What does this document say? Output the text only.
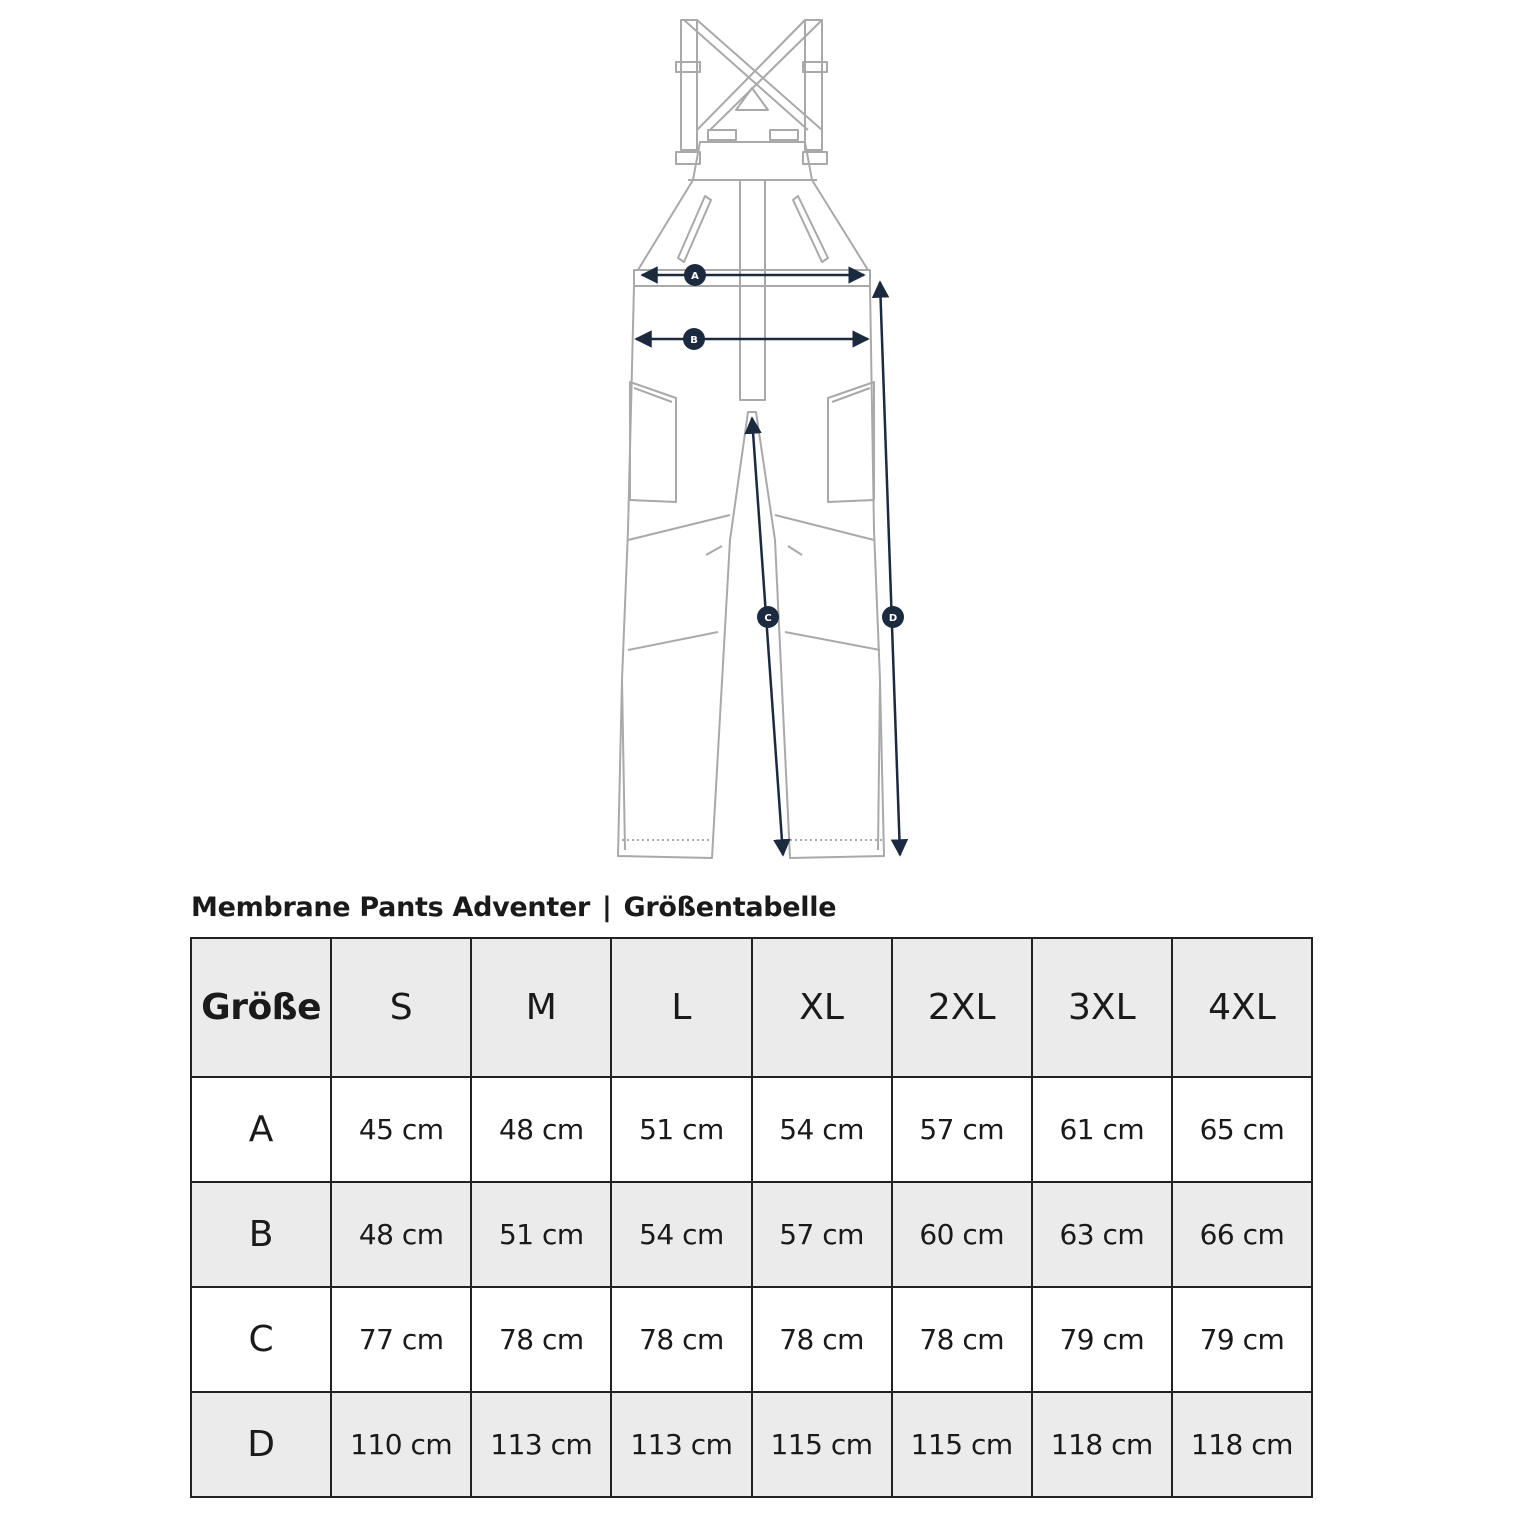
A
B
C	D
Membrane Pants Adventer | Größentabelle
Größe	S	M	L	XL	2XL	3XL	4XL
A	45 cm	48 cm	51 cm	54 cm	57 cm	61 cm	65 cm
B	48 cm	51 cm	54 cm	57 cm	60 cm	63 cm	66 cm
C	77 cm	78 cm	78 cm	78 cm	78 cm	79 cm	79 cm
D	110 cm	113 cm	113 cm	115 cm	115 cm	118 cm	118 cm
